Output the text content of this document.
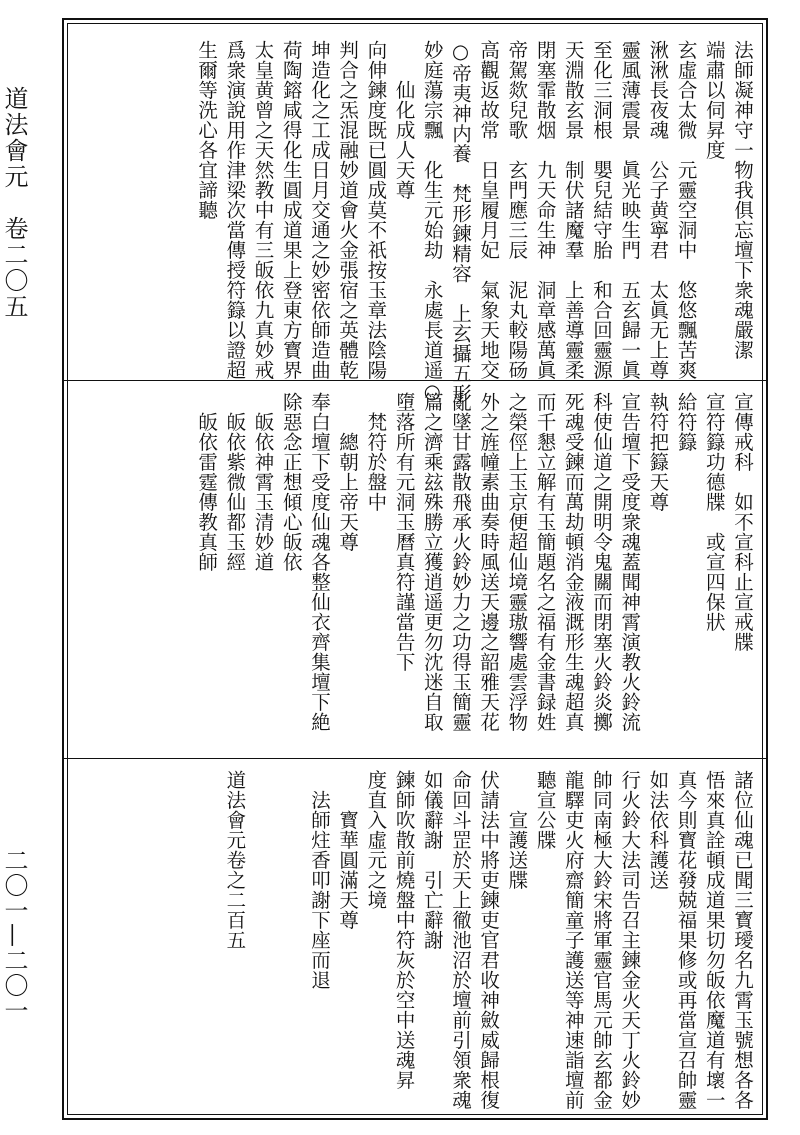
道法會元　卷二〇五
二〇一—二〇一
法師凝神守一物我俱忘壇下衆魂嚴潔
端肅以伺昇度
玄虛合太微　元靈空洞中　悠悠飄苦爽
湫湫長夜魂　公子黄寧君　太眞无上尊
靈風薄震景　眞光映生門　五玄歸一眞
至化三洞根　嬰兒結守胎　和合回靈源
天淵散玄景　制伏諸魔羣　上善導靈柔
閉塞霏散烟　九天命生神　洞章感萬眞
帝駕欻兒歌　玄門應三辰　泥丸較陽砀
高觀返故常　日皇履月妃　氣象天地交
○帝夷神内養　梵形鍊精容　上玄攝五形
妙庭蕩宗飄　化生元始劫　永處長道遥○
　　仙化成人天尊
向伸鍊度既已圓成莫不祇按玉章法陰陽
判合之炁混融妙道會火金張宿之英體乾
坤造化之工成日月交通之妙密依師造曲
荷陶鎔咸得化生圓成道果上登東方寳界
太皇黄曾之天然教中有三皈依九真妙戒
爲衆演說用作津梁次當傳授符籙以證超
生爾等洗心各宜諦聽
宣傳戒科　如不宣科止宣戒牒
宣符籙功德牒　或宣四保狀
給符籙
執符把籙天尊
宣告壇下受度衆魂蓋聞神霄演教火鈴流
科使仙道之開明令鬼關而閉塞火鈴炎擲
死魂受鍊而萬劫頓消金液溉形生魂超真
而千懇立解有玉簡題名之福有金書録姓
之榮俓上玉京便超仙境靈璈響處雲浮物
外之旌幢素曲奏時風送天邊之韶雅天花
亂墜甘露散飛承火鈴妙力之功得玉簡靈
篇之濟乘玆殊勝立獲逍遥更勿沈迷自取
墮落所有元洞玉曆真符謹當告下
　梵符於盤中
　　總朝上帝天尊
奉白壇下受度仙魂各整仙衣齊集壇下絶
除惡念正想傾心皈依
　皈依神霄玉清妙道
　皈依紫微仙都玉經
　皈依雷霆傳教真師
諸位仙魂已聞三寳璦名九霄玉號想各各
悟來真詮頓成道果切勿皈依魔道有壞一
真今則寳花發兢福果修或再當宣召帥靈
如法依科護送
行火鈴大法司告召主鍊金火天丁火鈴妙
帥同南極大鈴宋將軍靈官馬元帥玄都金
龍驛吏火府齋簡童子護送等神速詣壇前
聽宣公牒
　　宣護送牒
伏請法中將吏鍊吏官君收神斂威歸根復
命回斗罡於天上徹池沼於壇前引領衆魂
如儀辭謝　引亡辭謝
鍊師吹散前燒盤中符灰於空中送魂昇
度直入虛元之境
　　寳華圓滿天尊
　法師炷香叩謝下座而退

道法會元卷之二百五
